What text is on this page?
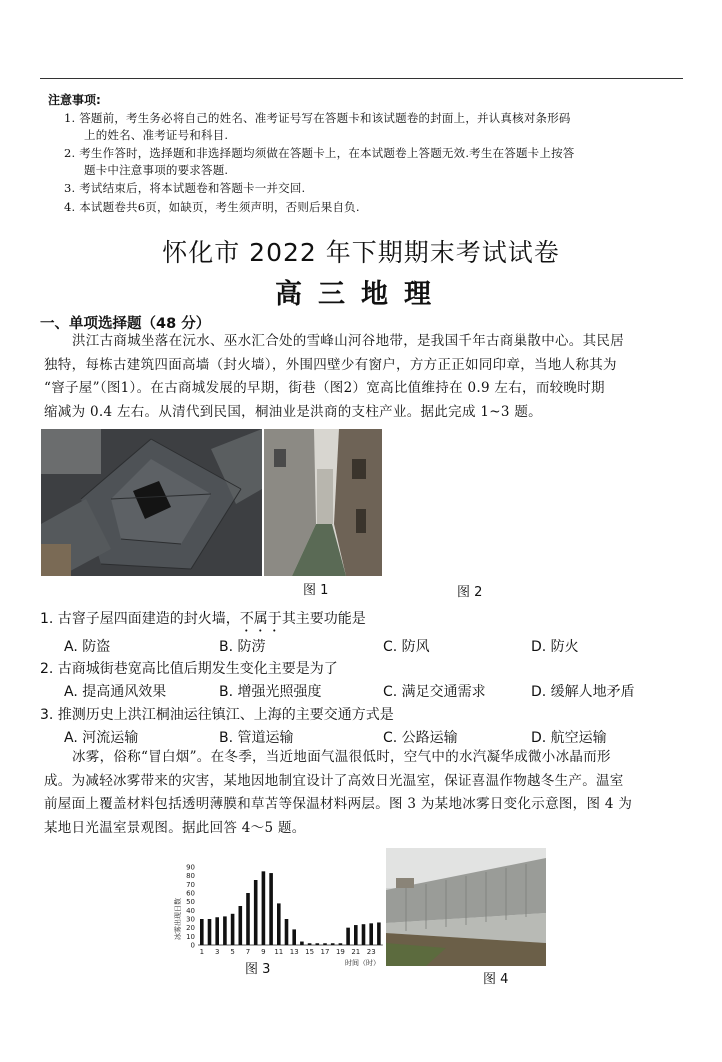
注意事项:
1. 答题前，考生务必将自己的姓名、准考证号写在答题卡和该试题卷的封面上，并认真核对条形码
上的姓名、准考证号和科目.
2. 考生作答时，选择题和非选择题均须做在答题卡上，在本试题卷上答题无效.考生在答题卡上按答
题卡中注意事项的要求答题.
3. 考试结束后，将本试题卷和答题卡一并交回.
4. 本试题卷共6页，如缺页，考生须声明，否则后果自负.
怀化市 2022 年下期期末考试试卷
高三地理
一、单项选择题（48 分）
洪江古商城坐落在沅水、巫水汇合处的雪峰山河谷地带，是我国千年古商巢散中心。其民居
独特，每栋古建筑四面高墙（封火墙），外围四壁少有窗户，方方正正如同印章，当地人称其为
“窨子屋”（图1）。在古商城发展的早期，街巷（图2）宽高比值维持在 0.9 左右，而较晚时期
缩减为 0.4 左右。从清代到民国，桐油业是洪商的支柱产业。据此完成 1~3 题。
图 1	图 2
1. 古窨子屋四面建造的封火墙，不属于其主要功能是
A. 防盗	B. 防涝	C. 防风	D. 防火
2. 古商城街巷宽高比值后期发生变化主要是为了
A. 提高通风效果	B. 增强光照强度	C. 满足交通需求	D. 缓解人地矛盾
3. 推测历史上洪江桐油运往镇江、上海的主要交通方式是
A. 河流运输	B. 管道运输	C. 公路运输	D. 航空运输
冰雾，俗称“冒白烟”。在冬季，当近地面气温很低时，空气中的水汽凝华成微小冰晶而形
成。为减轻冰雾带来的灾害，某地因地制宜设计了高效日光温室，保证喜温作物越冬生产。温室
前屋面上覆盖材料包括透明薄膜和草苫等保温材料两层。图 3 为某地冰雾日变化示意图，图 4 为
某地日光温室景观图。据此回答 4～5 题。
冰雾出现日数
时间（时）
0
10
20
30
40
50
60
70
80
90
1 3 5 7 9 11 13 15 17 19 21 23
图 3
图 4
